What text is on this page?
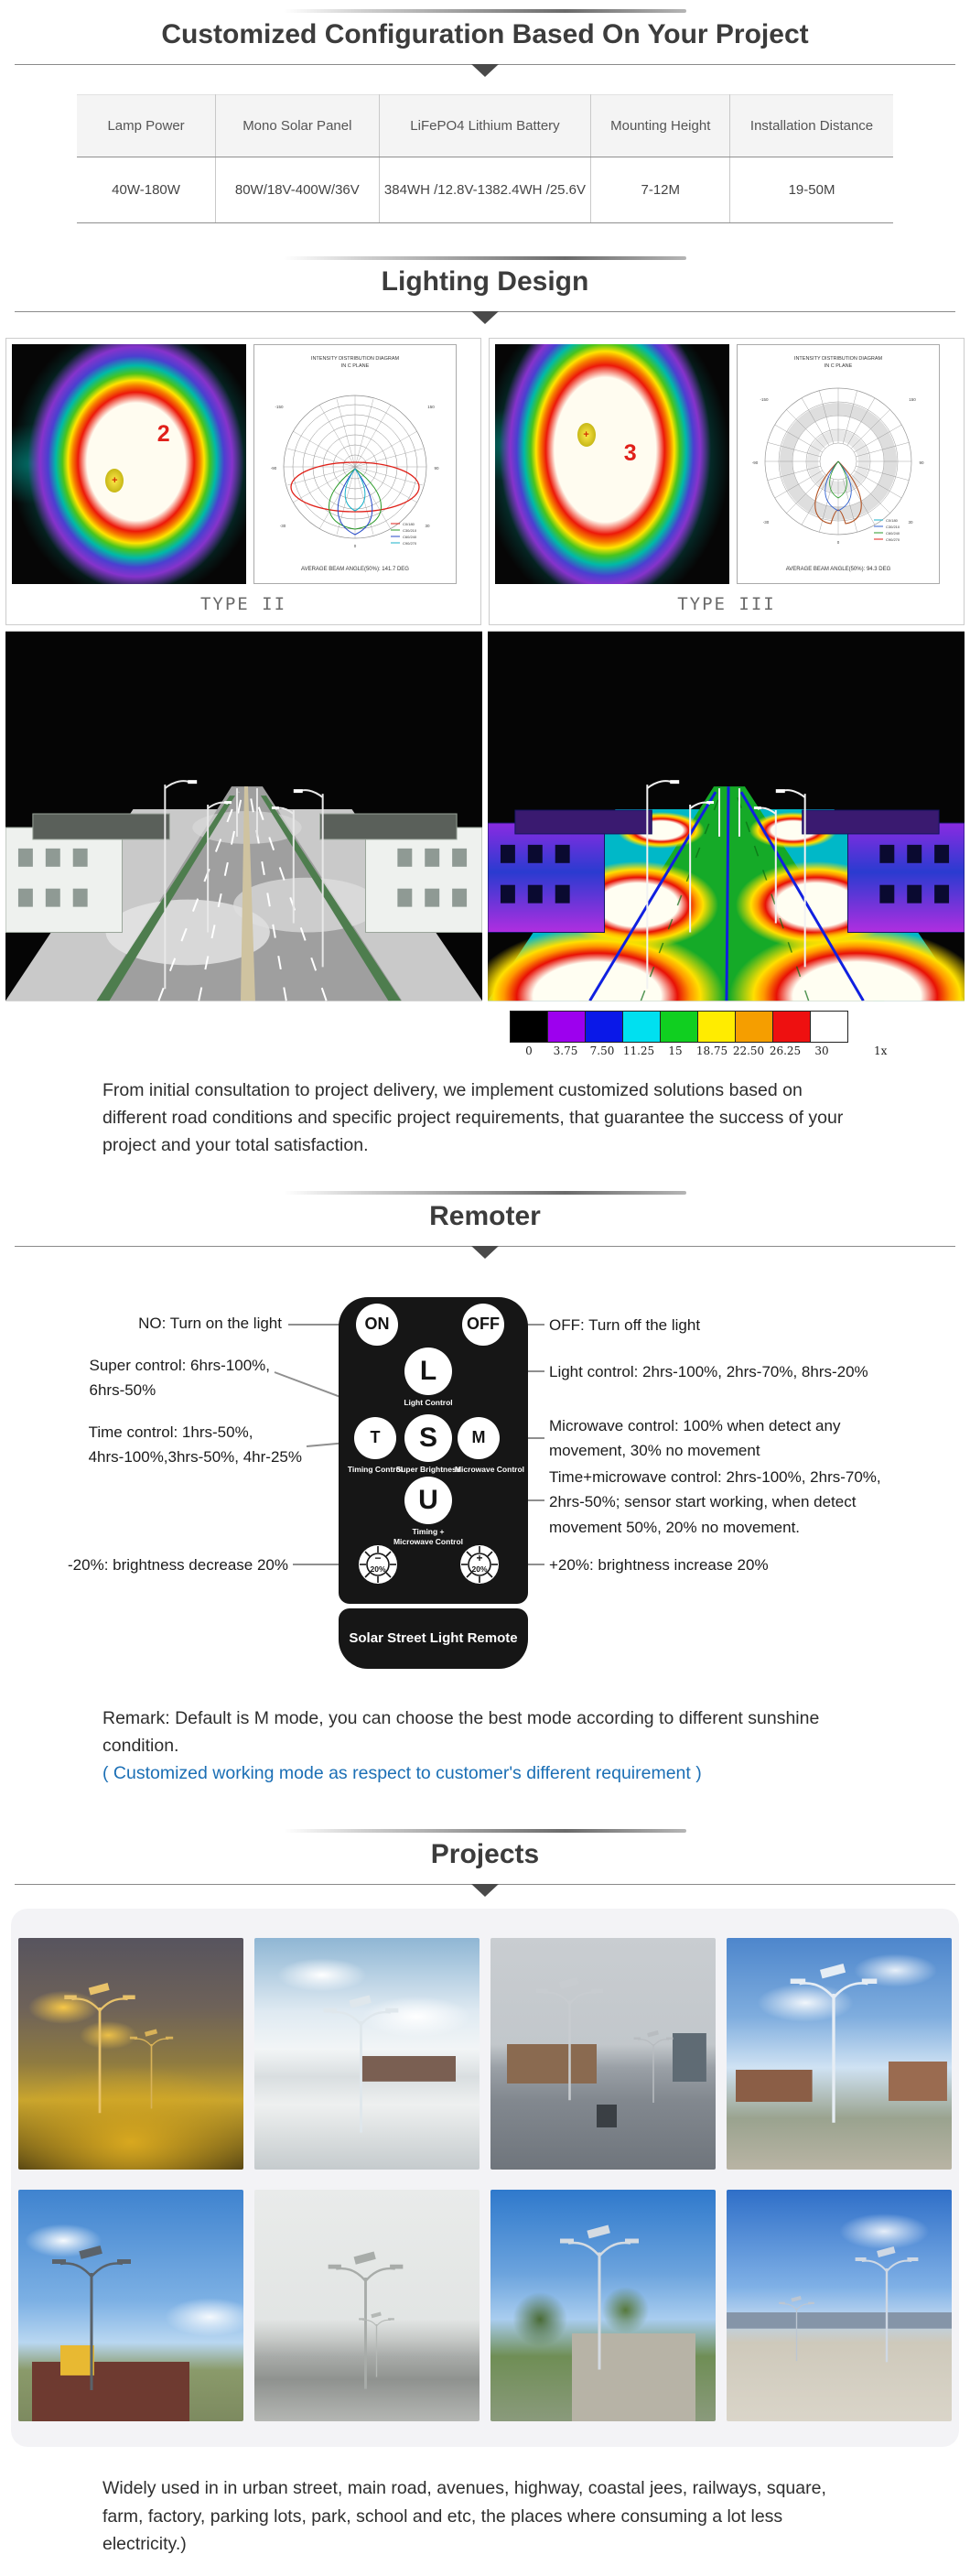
Customized Configuration Based On Your Project
Lamp Power	Mono Solar Panel	LiFePO4 Lithium Battery	Mounting Height	Installation Distance
40W-180W	80W/18V-400W/36V	384WH /12.8V-1382.4WH /25.6V	7-12M	19-50M
Lighting Design
2
+
INTENSITY DISTRIBUTION DIAGRAM
IN C PLANE
-150	150
-90	90
-30	30
0
C0/180
C30/210
C60/240
C90/270
AVERAGE BEAM ANGLE(50%): 141.7 DEG
TYPE II
3
+
INTENSITY DISTRIBUTION DIAGRAM
IN C PLANE
-150	150
-90	90
-30	30
0
C0/180
C30/210
C60/240
C90/270
AVERAGE BEAM ANGLE(50%): 94.3 DEG
TYPE III
0	3.75	7.50 11.25	15	18.75 22.50 26.25	30	1x

From initial consultation to project delivery, we implement customized solutions based on different road conditions and specific project requirements, that guarantee the success of your project and your total satisfaction.

Remoter
ON	OFF
L
Light Control
T	S	M
Timing Control
Super Brightness
Microwave Control
U
Timing +
Microwave Control
−
20%
+
20%
Solar Street Light Remote
NO: Turn on the light
Super control: 6hrs-100%,
6hrs-50%
Time control: 1hrs-50%,
4hrs-100%,3hrs-50%, 4hr-25%
-20%: brightness decrease 20%
OFF: Turn off the light
Light control: 2hrs-100%, 2hrs-70%, 8hrs-20%
Microwave control: 100% when detect any
movement, 30% no movement
Time+microwave control: 2hrs-100%, 2hrs-70%,
2hrs-50%; sensor start working, when detect
movement 50%, 20% no movement.
+20%: brightness increase 20%
Remark: Default is M mode, you can choose the best mode according to different sunshine condition.
( Customized working mode as respect to customer's different requirement )
Projects

Widely used in in urban street, main road, avenues, highway, coastal jees, railways, square, farm, factory, parking lots, park, school and etc, the places where consuming a lot less electricity.)
